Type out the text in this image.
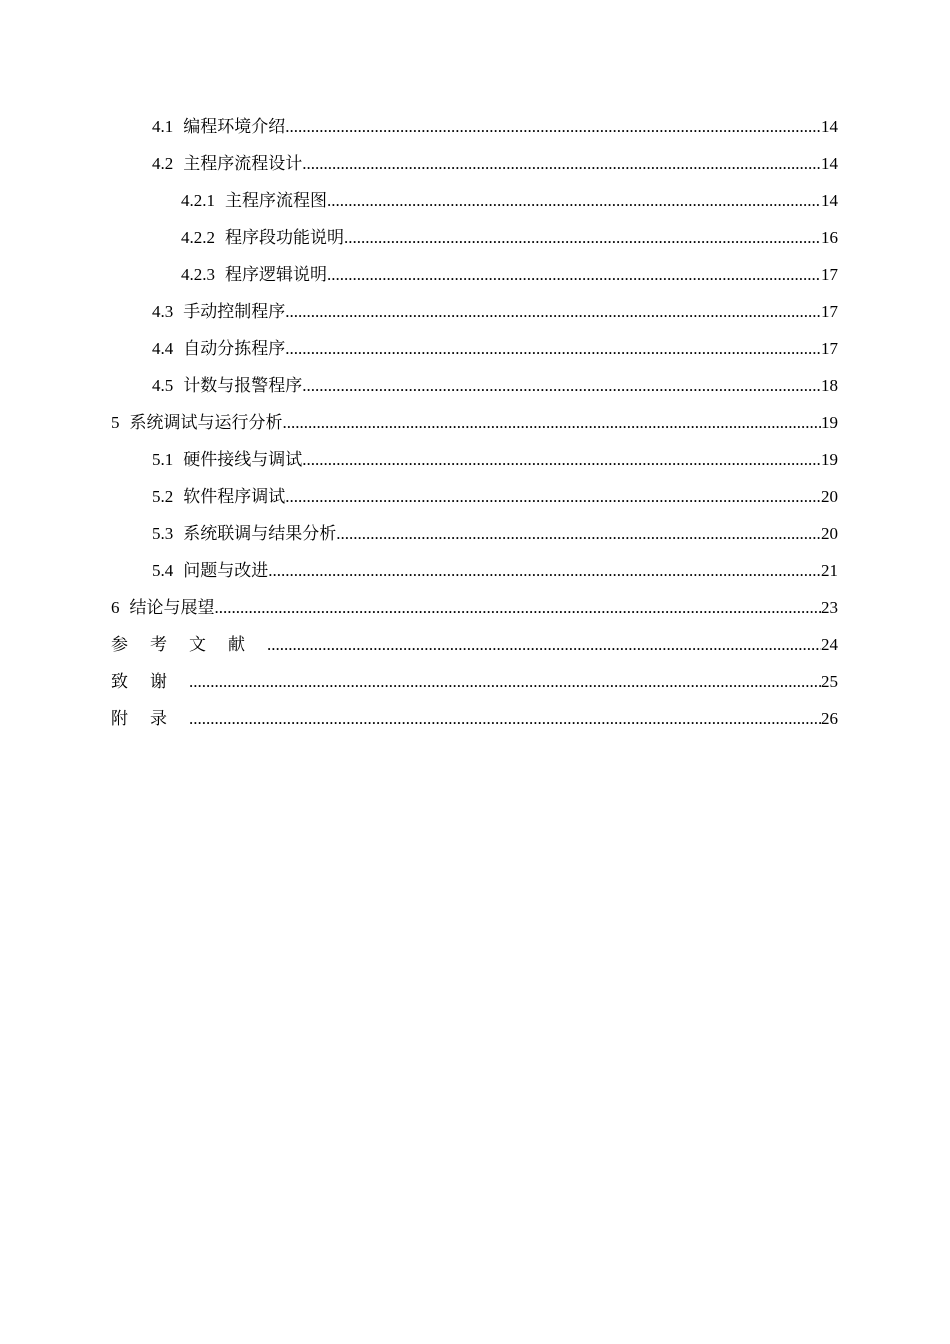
4.1 编程环境介绍 .....	14
4.2 主程序流程设计 .....	14
4.2.1 主程序流程图 .....	14
4.2.2 程序段功能说明 .....	16
4.2.3 程序逻辑说明 .....	17
4.3 手动控制程序 .....	17
4.4 自动分拣程序 .....	17
4.5 计数与报警程序 .....	18
5 系统调试与运行分析 .....	19
5.1 硬件接线与调试 .....	19
5.2 软件程序调试 .....	20
5.3 系统联调与结果分析 .....	20
5.4 问题与改进 .....	21
6 结论与展望 .....	23
参考文献 .....	24
致谢 .....	25
附录 .....	26
